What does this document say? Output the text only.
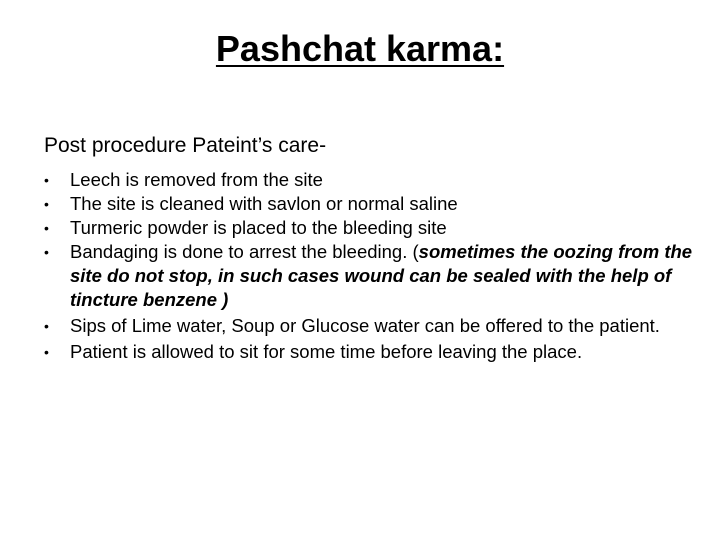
Pashchat karma:

Post procedure Pateint’s care-

• Leech is removed from the site
• The site is cleaned with savlon or normal saline
• Turmeric powder is placed to the bleeding site
• Bandaging is done to arrest the bleeding. (sometimes the oozing from the site do not stop, in such cases wound can be sealed with the help of tincture benzene )
• Sips of Lime water, Soup or Glucose water can be offered to the patient.
• Patient is allowed to sit for some time before leaving the place.
